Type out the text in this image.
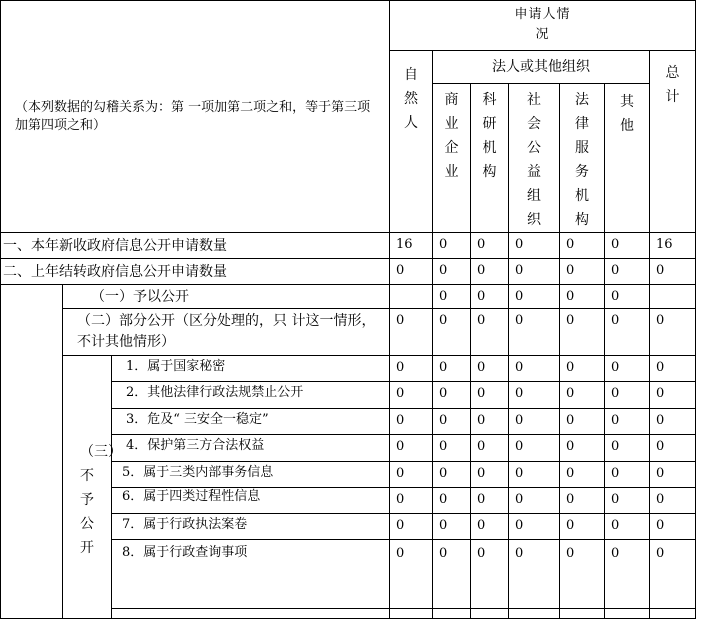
（本列数据的勾稽关系为：第 一项加第二项之和，等于第三项加第四项之和）			申请人情况						

			自然人	法人或其他组织					总计

				商业企业	科研机构	社会公益组织	法律服务机构	其他	

一、本年新收政府信息公开申请数量			16	0	0	0	0	0	16
二、上年结转政府信息公开申请数量			0	0	0	0	0	0	0
	（一）予以公开			0	0	0	0	0	
	（二）部分公开（区分处理的，只 计这一情形，不计其他情形）		0	0	0	0	0	0	0

	（三）不予公开	1．属于国家秘密	0	0	0	0	0	0	0
		2．其他法律行政法规禁止公开	0	0	0	0	0	0	0
		3．危及“ 三安全一稳定”	0	0	0	0	0	0	0
		4．保护第三方合法权益	0	0	0	0	0	0	0
		5．属于三类内部事务信息	0	0	0	0	0	0	0
		6．属于四类过程性信息	0	0	0	0	0	0	0
		7．属于行政执法案卷	0	0	0	0	0	0	0
		8．属于行政查询事项	0	0	0	0	0	0	0
